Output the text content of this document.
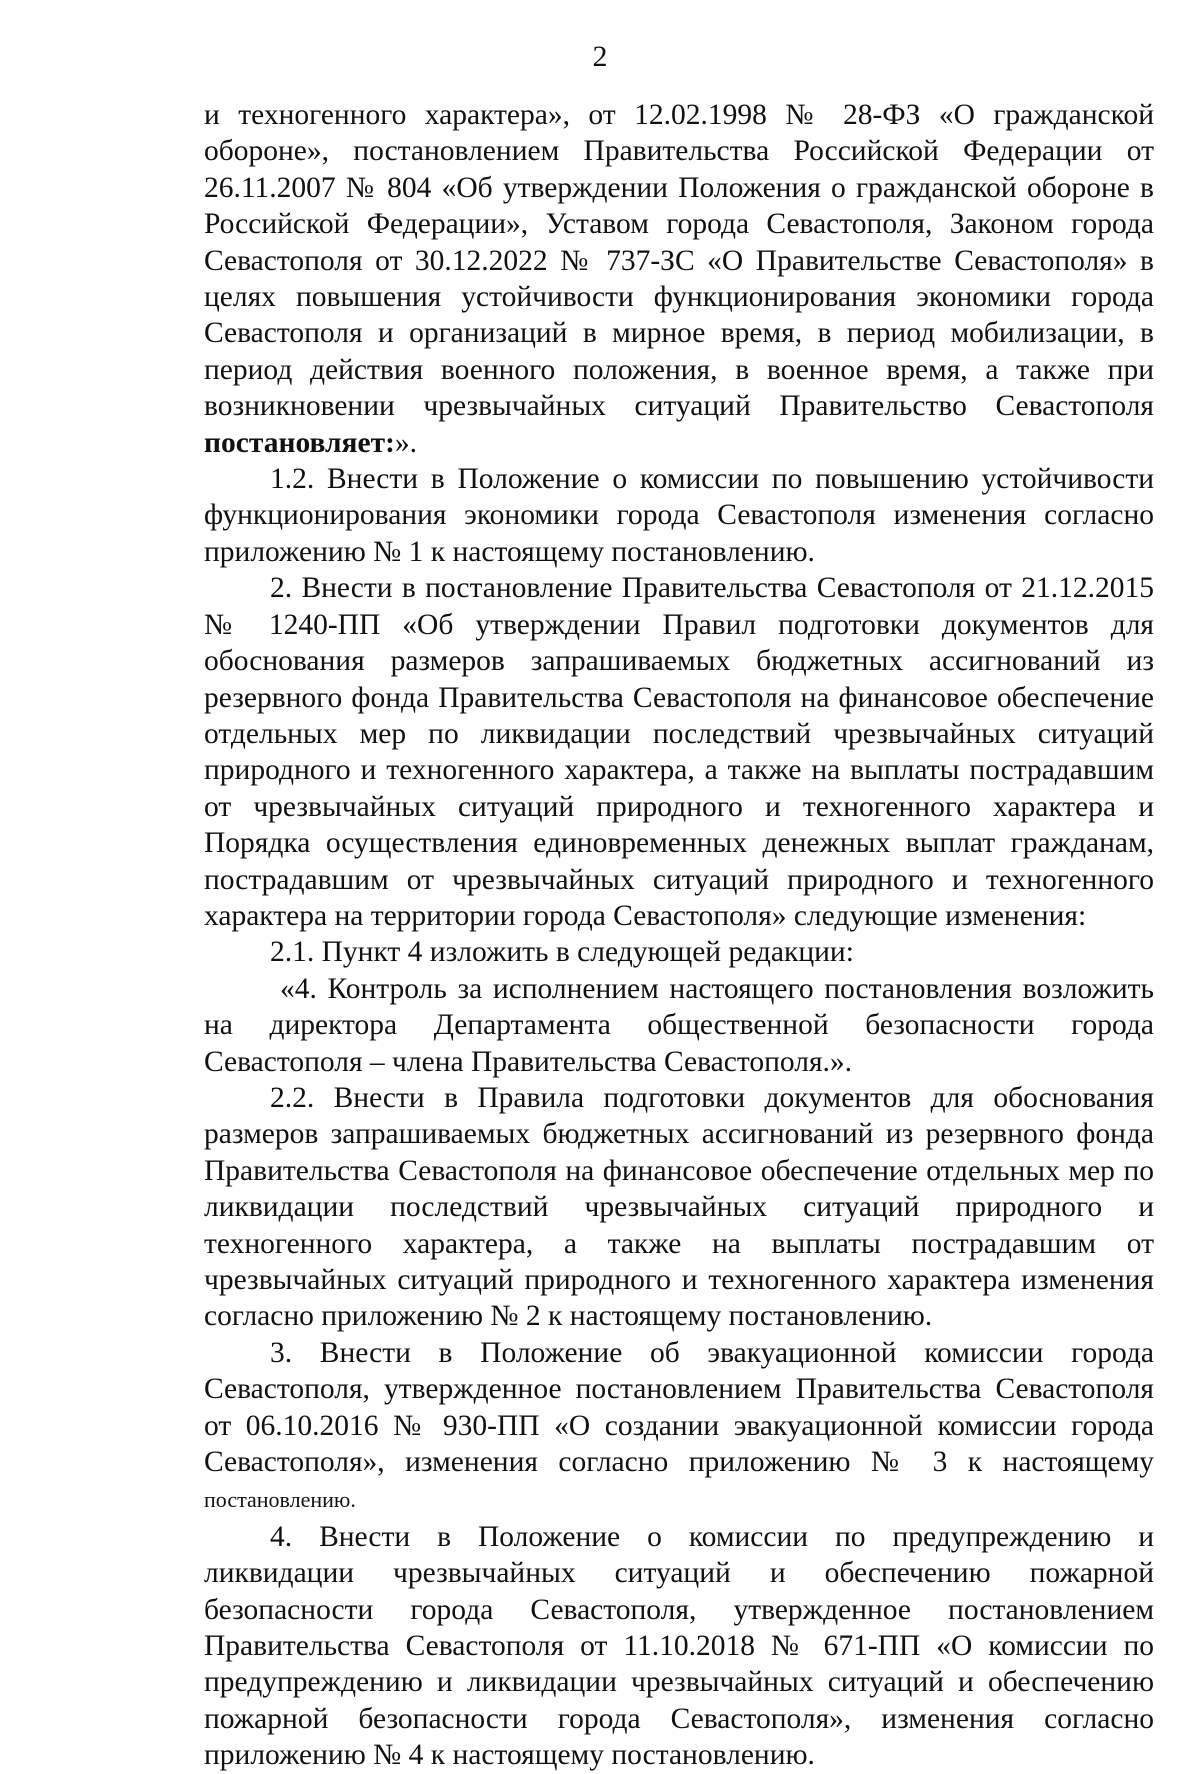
2

и техногенного характера», от 12.02.1998 № 28-ФЗ «О гражданской обороне», постановлением Правительства Российской Федерации от 26.11.2007 № 804 «Об утверждении Положения о гражданской обороне в Российской Федерации», Уставом города Севастополя, Законом города Севастополя от 30.12.2022 № 737-ЗС «О Правительстве Севастополя» в целях повышения устойчивости функционирования экономики города Севастополя и организаций в мирное время, в период мобилизации, в период действия военного положения, в военное время, а также при возникновении чрезвычайных ситуаций Правительство Севастополя постановляет:».

1.2. Внести в Положение о комиссии по повышению устойчивости функционирования экономики города Севастополя изменения согласно приложению № 1 к настоящему постановлению.

2. Внести в постановление Правительства Севастополя от 21.12.2015 № 1240-ПП «Об утверждении Правил подготовки документов для обоснования размеров запрашиваемых бюджетных ассигнований из резервного фонда Правительства Севастополя на финансовое обеспечение отдельных мер по ликвидации последствий чрезвычайных ситуаций природного и техногенного характера, а также на выплаты пострадавшим от чрезвычайных ситуаций природного и техногенного характера и Порядка осуществления единовременных денежных выплат гражданам, пострадавшим от чрезвычайных ситуаций природного и техногенного характера на территории города Севастополя» следующие изменения:

2.1. Пункт 4 изложить в следующей редакции:

«4. Контроль за исполнением настоящего постановления возложить на директора Департамента общественной безопасности города Севастополя – члена Правительства Севастополя.».

2.2. Внести в Правила подготовки документов для обоснования размеров запрашиваемых бюджетных ассигнований из резервного фонда Правительства Севастополя на финансовое обеспечение отдельных мер по ликвидации последствий чрезвычайных ситуаций природного и техногенного характера, а также на выплаты пострадавшим от чрезвычайных ситуаций природного и техногенного характера изменения согласно приложению № 2 к настоящему постановлению.

3. Внести в Положение об эвакуационной комиссии города Севастополя, утвержденное постановлением Правительства Севастополя от 06.10.2016 № 930-ПП «О создании эвакуационной комиссии города Севастополя», изменения согласно приложению № 3 к настоящему постановлению.

4. Внести в Положение о комиссии по предупреждению и ликвидации чрезвычайных ситуаций и обеспечению пожарной безопасности города Севастополя, утвержденное постановлением Правительства Севастополя от 11.10.2018 № 671-ПП «О комиссии по предупреждению и ликвидации чрезвычайных ситуаций и обеспечению пожарной безопасности города Севастополя», изменения согласно приложению № 4 к настоящему постановлению.
